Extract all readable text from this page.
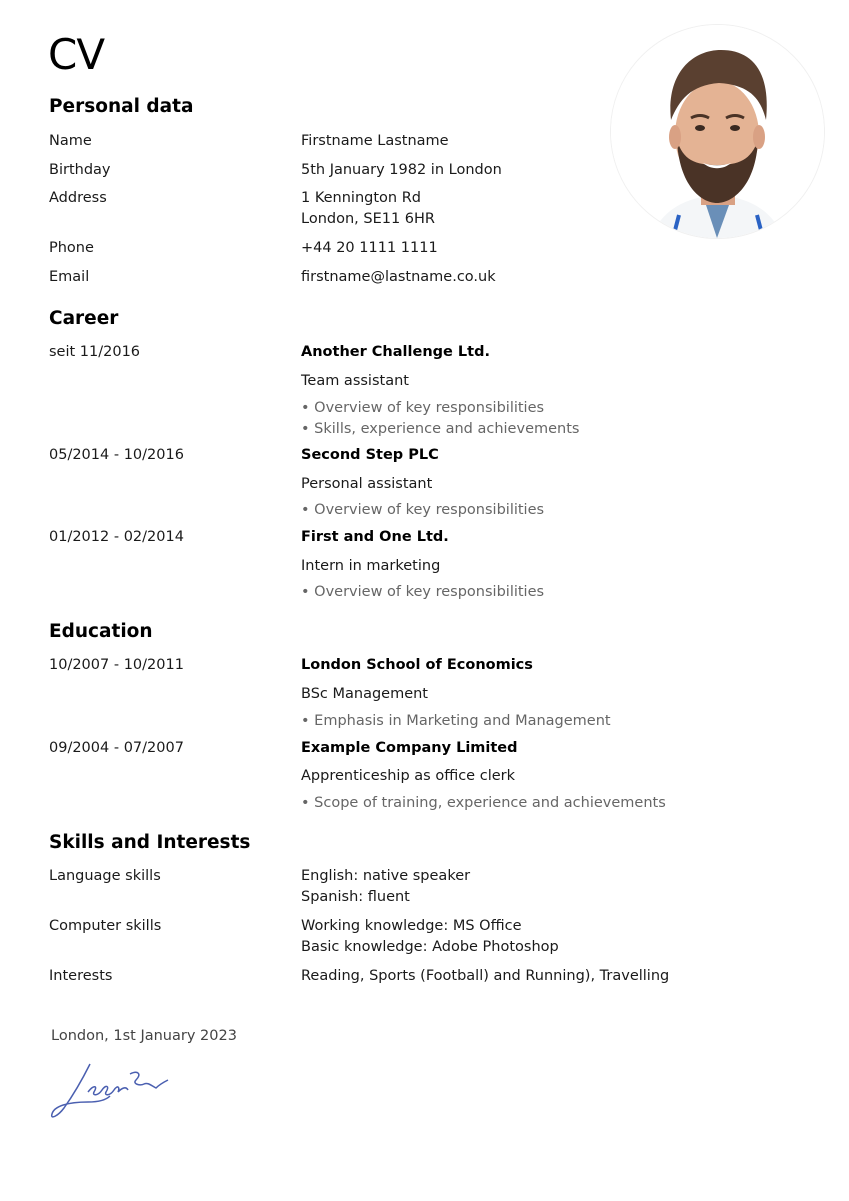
CV
Personal data
Name	Firstname Lastname
Birthday	5th January 1982 in London
Address	1 Kennington Rd
London, SE11 6HR
Phone	+44 20 1111 1111
Email	firstname@lastname.co.uk
Career
seit 11/2016	Another Challenge Ltd.
Team assistant
• Overview of key responsibilities
• Skills, experience and achievements
05/2014 - 10/2016	Second Step PLC
Personal assistant
• Overview of key responsibilities
01/2012 - 02/2014	First and One Ltd.
Intern in marketing
• Overview of key responsibilities
Education
10/2007 - 10/2011	London School of Economics
BSc Management
• Emphasis in Marketing and Management
09/2004 - 07/2007	Example Company Limited
Apprenticeship as office clerk
• Scope of training, experience and achievements
Skills and Interests
Language skills	English: native speaker
Spanish: fluent
Computer skills	Working knowledge: MS Office
Basic knowledge: Adobe Photoshop
Interests	Reading, Sports (Football) and Running), Travelling
London, 1st January 2023
